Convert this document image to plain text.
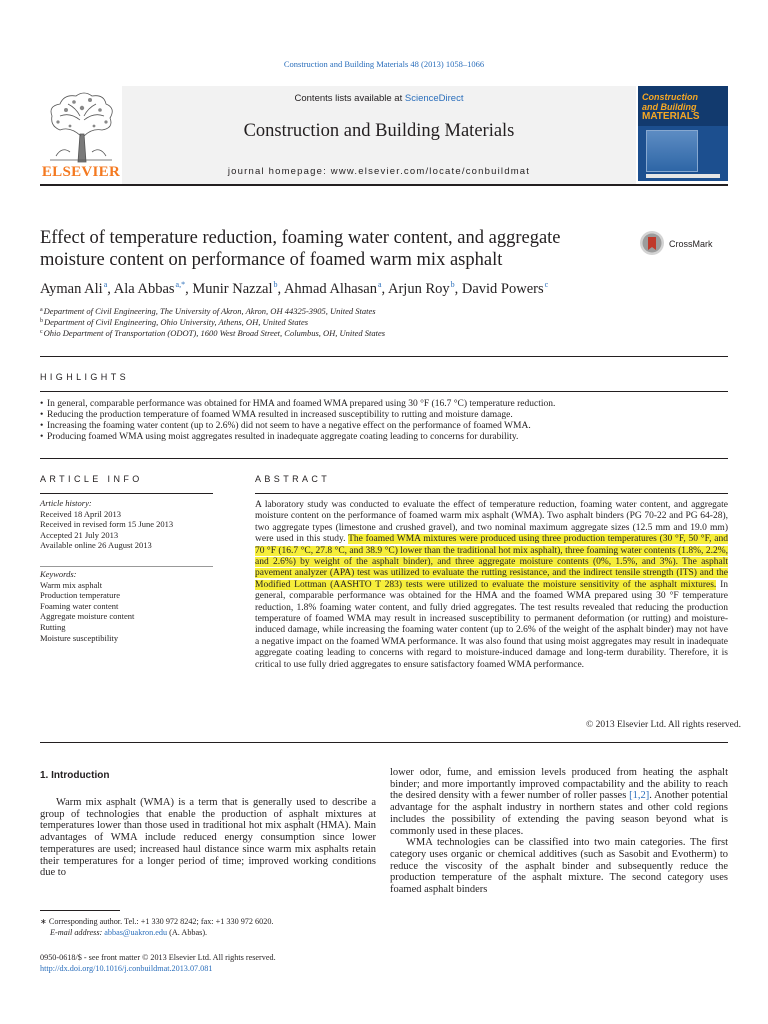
Construction and Building Materials 48 (2013) 1058–1066
Contents lists available at ScienceDirect
Construction and Building Materials
journal homepage: www.elsevier.com/locate/conbuildmat
ELSEVIER
Construction
and Building
MATERIALS
Effect of temperature reduction, foaming water content, and aggregate
moisture content on performance of foamed warm mix asphalt
CrossMark
Ayman Ali$^a$, Ala Abbas$^{a,*}$, Munir Nazzal$^b$, Ahmad Alhasan$^a$, Arjun Roy$^b$, David Powers$^c$
$^a$Department of Civil Engineering, The University of Akron, Akron, OH 44325-3905, United States
$^b$Department of Civil Engineering, Ohio University, Athens, OH, United States
$^c$Ohio Department of Transportation (ODOT), 1600 West Broad Street, Columbus, OH, United States
HIGHLIGHTS
• In general, comparable performance was obtained for HMA and foamed WMA prepared using 30 °F (16.7 °C) temperature reduction.
• Reducing the production temperature of foamed WMA resulted in increased susceptibility to rutting and moisture damage.
• Increasing the foaming water content (up to 2.6%) did not seem to have a negative effect on the performance of foamed WMA.
• Producing foamed WMA using moist aggregates resulted in inadequate aggregate coating leading to concerns for durability.
ARTICLE INFO
Article history:
Received 18 April 2013
Received in revised form 15 June 2013
Accepted 21 July 2013
Available online 26 August 2013
Keywords:
Warm mix asphalt
Production temperature
Foaming water content
Aggregate moisture content
Rutting
Moisture susceptibility
ABSTRACT
A laboratory study was conducted to evaluate the effect of temperature reduction, foaming water content, and aggregate moisture content on the performance of foamed warm mix asphalt (WMA). Two asphalt binders (PG 70-22 and PG 64-28), two aggregate types (limestone and crushed gravel), and two nominal maximum aggregate sizes (12.5 mm and 19.0 mm) were used in this study. The foamed WMA mixtures were produced using three production temperatures (30 °F, 50 °F, and 70 °F (16.7 °C, 27.8 °C, and 38.9 °C) lower than the traditional hot mix asphalt), three foaming water contents (1.8%, 2.2%, and 2.6%) by weight of the asphalt binder), and three aggregate moisture contents (0%, 1.5%, and 3%). The asphalt pavement analyzer (APA) test was utilized to evaluate the rutting resistance, and the indirect tensile strength (ITS) and the Modified Lottman (AASHTO T 283) tests were utilized to evaluate the moisture sensitivity of the asphalt mixtures. In general, comparable performance was obtained for the HMA and the foamed WMA prepared using 30 °F temperature reduction, 1.8% foaming water content, and fully dried aggregates. The test results revealed that reducing the production temperature of foamed WMA may result in increased susceptibility to permanent deformation (or rutting) and moisture-induced damage, while increasing the foaming water content (up to 2.6% of the weight of the asphalt binder) may not have a negative impact on the foamed WMA performance. It was also found that using moist aggregates may result in inadequate aggregate coating leading to concerns with regard to moisture-induced damage and long-term durability. Therefore, it is critical to use fully dried aggregates to ensure satisfactory foamed WMA performance.
© 2013 Elsevier Ltd. All rights reserved.
1. Introduction

Warm mix asphalt (WMA) is a term that is generally used to describe a group of technologies that enable the production of asphalt mixtures at temperatures lower than those used in traditional hot mix asphalt (HMA). Main advantages of WMA include reduced energy consumption since lower temperatures are used; increased haul distance since warm mix asphalts retain their temperatures for a longer period of time; improved working conditions due to

lower odor, fume, and emission levels produced from heating the asphalt binder; and more importantly improved compactability and the ability to reach the desired density with a fewer number of roller passes [1,2]. Another potential advantage for the asphalt industry in northern states and other cold regions includes the possibility of extending the paving season beyond what is commonly used in these places.

WMA technologies can be classified into two main categories. The first category uses organic or chemical additives (such as Sasobit and Evotherm) to reduce the viscosity of the asphalt binder and subsequently reduce the production temperature of the asphalt mixture. The second category uses foamed asphalt binders

∗ Corresponding author. Tel.: +1 330 972 8242; fax: +1 330 972 6020.
E-mail address: abbas@uakron.edu (A. Abbas).
0950-0618/$ - see front matter © 2013 Elsevier Ltd. All rights reserved.
http://dx.doi.org/10.1016/j.conbuildmat.2013.07.081
